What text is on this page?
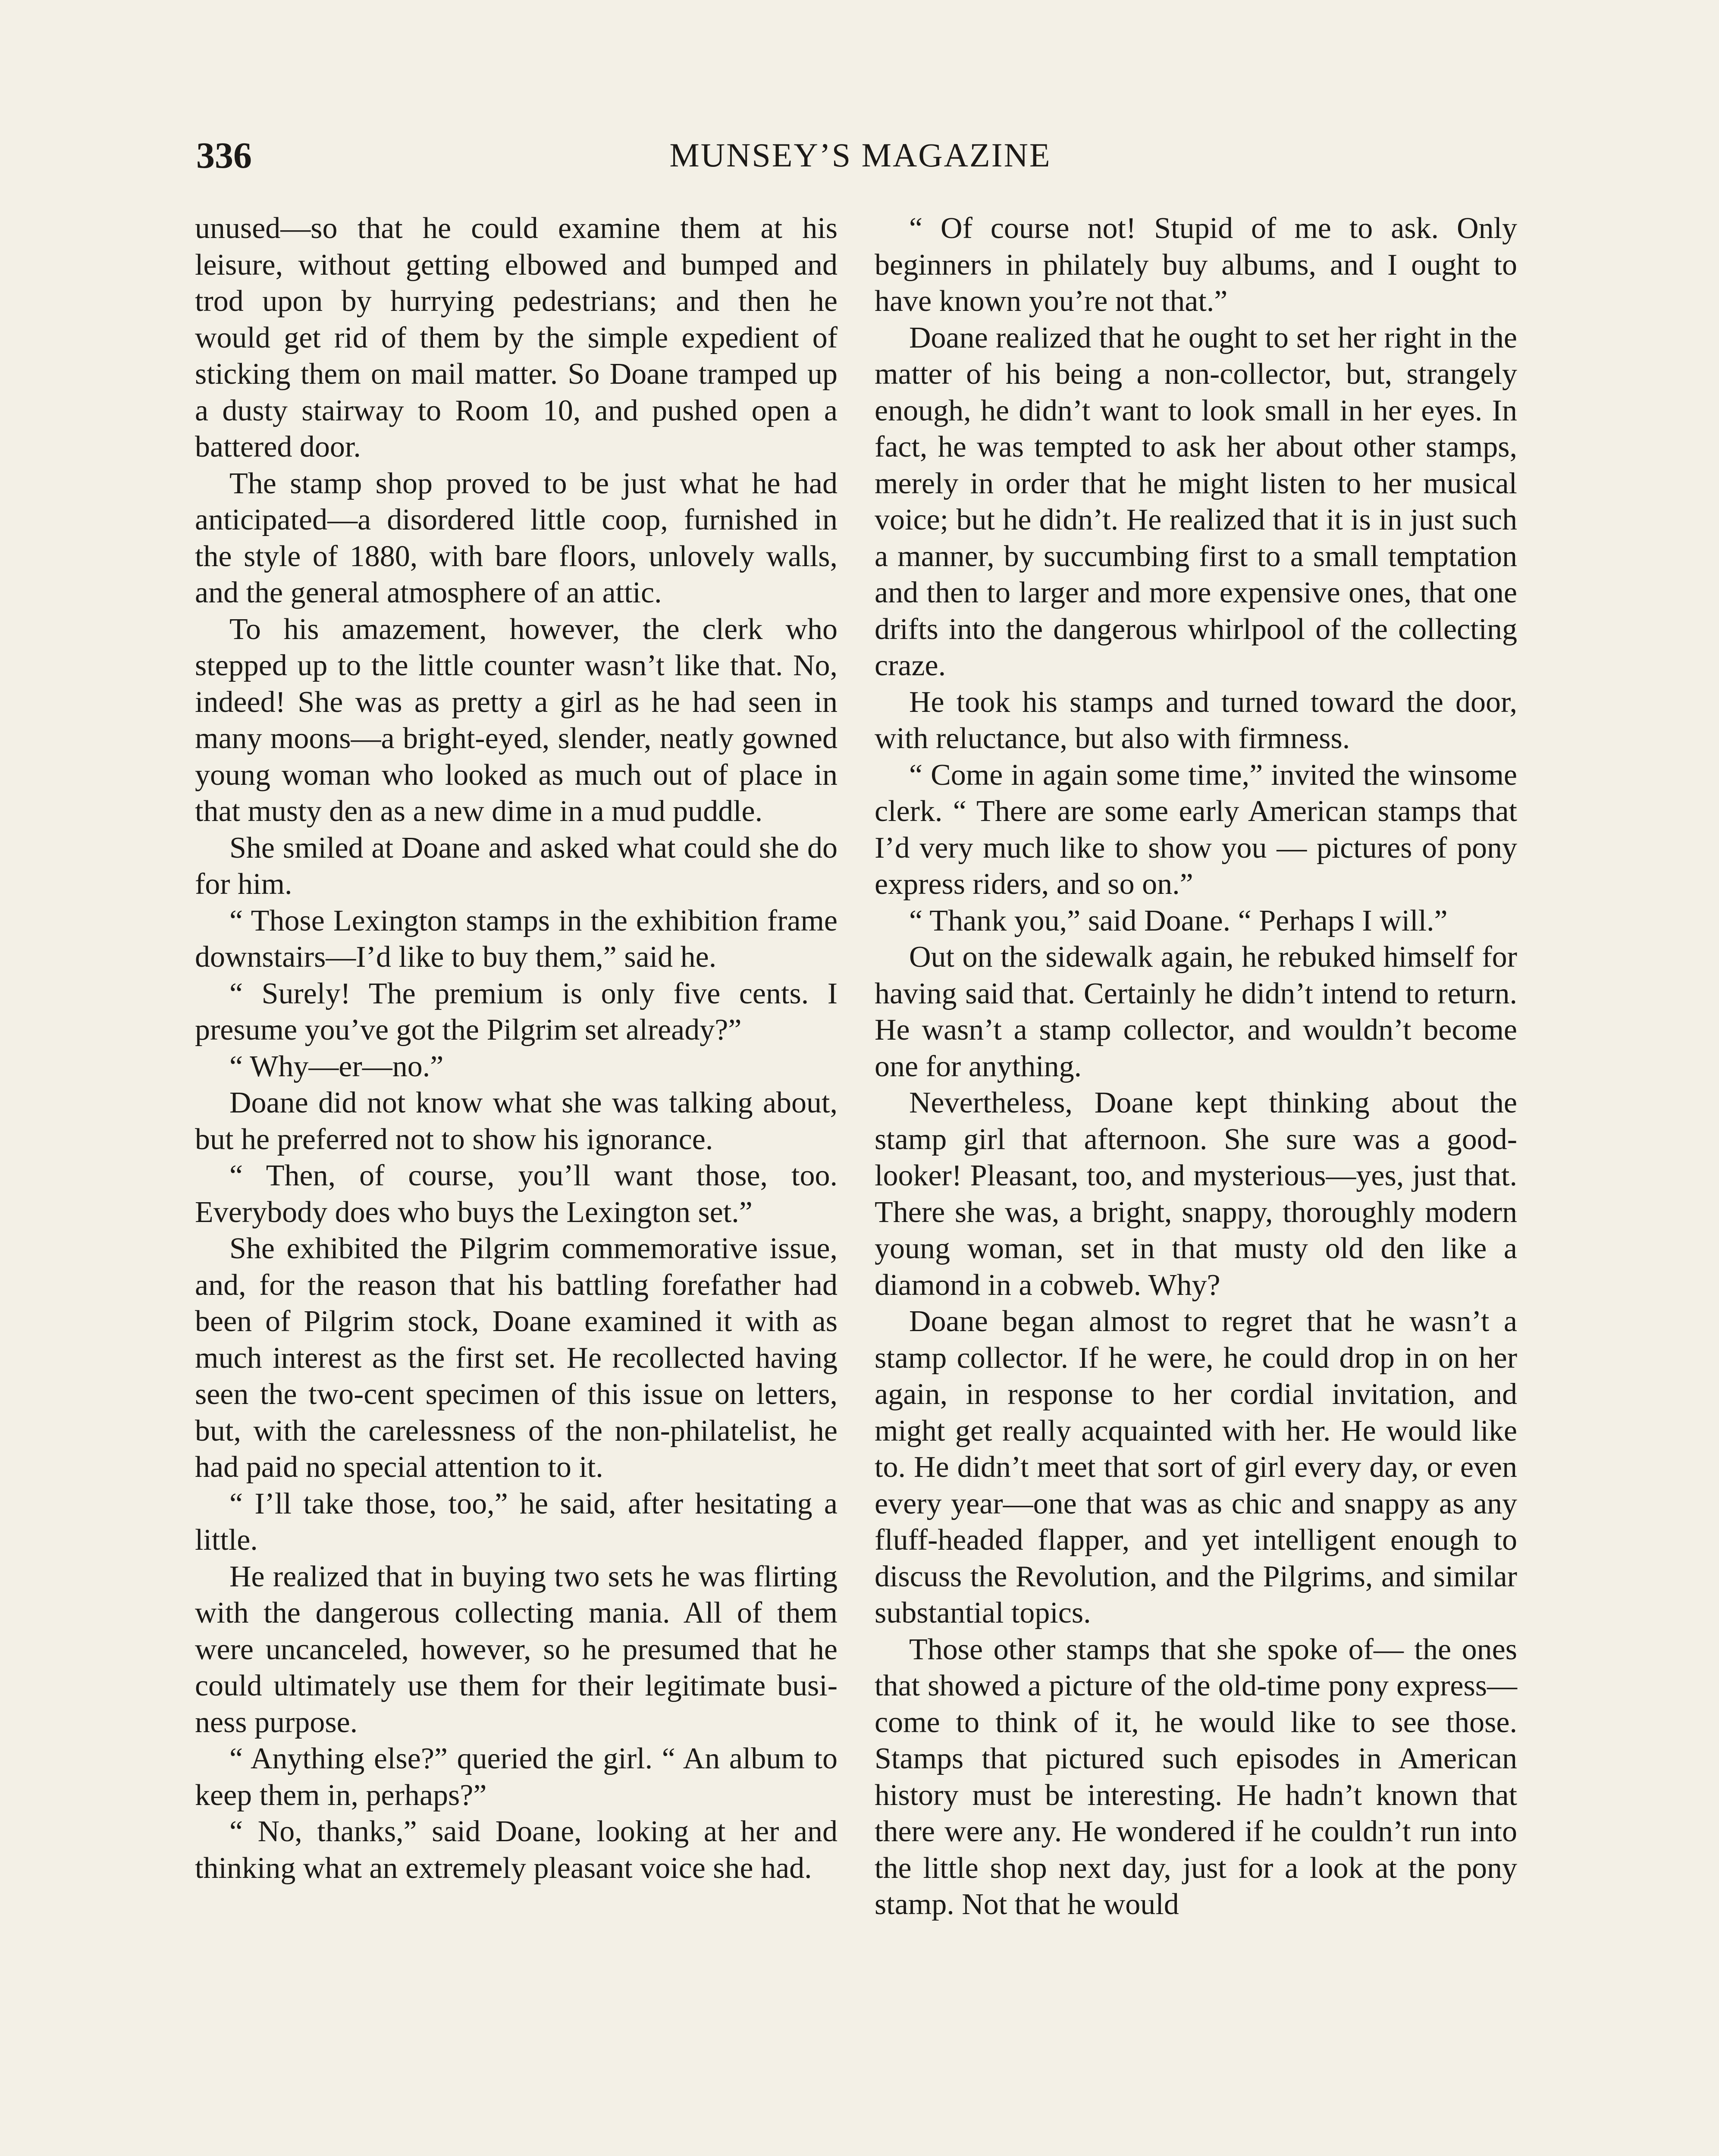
336	MUNSEY’S MAGAZINE

unused—so that he could examine them at his leisure, without getting elbowed and bumped and trod upon by hurrying pedestrians; and then he would get rid of them by the simple expedient of sticking them on mail matter. So Doane tramped up a dusty stairway to Room 10, and pushed open a battered door.

The stamp shop proved to be just what he had anticipated—a disordered little coop, furnished in the style of 1880, with bare floors, unlovely walls, and the general atmosphere of an attic.

To his amazement, however, the clerk who stepped up to the little counter wasn’t like that. No, indeed! She was as pretty a girl as he had seen in many moons—a bright-eyed, slender, neatly gowned young woman who looked as much out of place in that musty den as a new dime in a mud puddle.

She smiled at Doane and asked what could she do for him.

“ Those Lexington stamps in the exhibition frame downstairs—I’d like to buy them,” said he.

“ Surely! The premium is only five cents. I presume you’ve got the Pilgrim set already?”

“ Why—er—no.”

Doane did not know what she was talking about, but he preferred not to show his ignorance.

“ Then, of course, you’ll want those, too. Everybody does who buys the Lexington set.”

She exhibited the Pilgrim commemorative issue, and, for the reason that his battling forefather had been of Pilgrim stock, Doane examined it with as much interest as the first set. He recollected having seen the two-cent specimen of this issue on letters, but, with the carelessness of the non-philatelist, he had paid no special attention to it.

“ I’ll take those, too,” he said, after hesitating a little.

He realized that in buying two sets he was flirting with the dangerous collecting mania. All of them were uncanceled, however, so he presumed that he could ultimately use them for their legitimate business purpose.

“ Anything else?” queried the girl. “ An album to keep them in, perhaps?”

“ No, thanks,” said Doane, looking at her and thinking what an extremely pleasant voice she had.

“ Of course not! Stupid of me to ask. Only beginners in philately buy albums, and I ought to have known you’re not that.”

Doane realized that he ought to set her right in the matter of his being a non-collector, but, strangely enough, he didn’t want to look small in her eyes. In fact, he was tempted to ask her about other stamps, merely in order that he might listen to her musical voice; but he didn’t. He realized that it is in just such a manner, by succumbing first to a small temptation and then to larger and more expensive ones, that one drifts into the dangerous whirlpool of the collecting craze.

He took his stamps and turned toward the door, with reluctance, but also with firmness.

“ Come in again some time,” invited the winsome clerk. “ There are some early American stamps that I’d very much like to show you — pictures of pony express riders, and so on.”

“ Thank you,” said Doane. “ Perhaps I will.”

Out on the sidewalk again, he rebuked himself for having said that. Certainly he didn’t intend to return. He wasn’t a stamp collector, and wouldn’t become one for anything.

Nevertheless, Doane kept thinking about the stamp girl that afternoon. She sure was a good-looker! Pleasant, too, and mysterious—yes, just that. There she was, a bright, snappy, thoroughly modern young woman, set in that musty old den like a diamond in a cobweb. Why?

Doane began almost to regret that he wasn’t a stamp collector. If he were, he could drop in on her again, in response to her cordial invitation, and might get really acquainted with her. He would like to. He didn’t meet that sort of girl every day, or even every year—one that was as chic and snappy as any fluff-headed flapper, and yet intelligent enough to discuss the Revolution, and the Pilgrims, and similar substantial topics.

Those other stamps that she spoke of— the ones that showed a picture of the old-time pony express—come to think of it, he would like to see those. Stamps that pictured such episodes in American history must be interesting. He hadn’t known that there were any. He wondered if he couldn’t run into the little shop next day, just for a look at the pony stamp. Not that he would
